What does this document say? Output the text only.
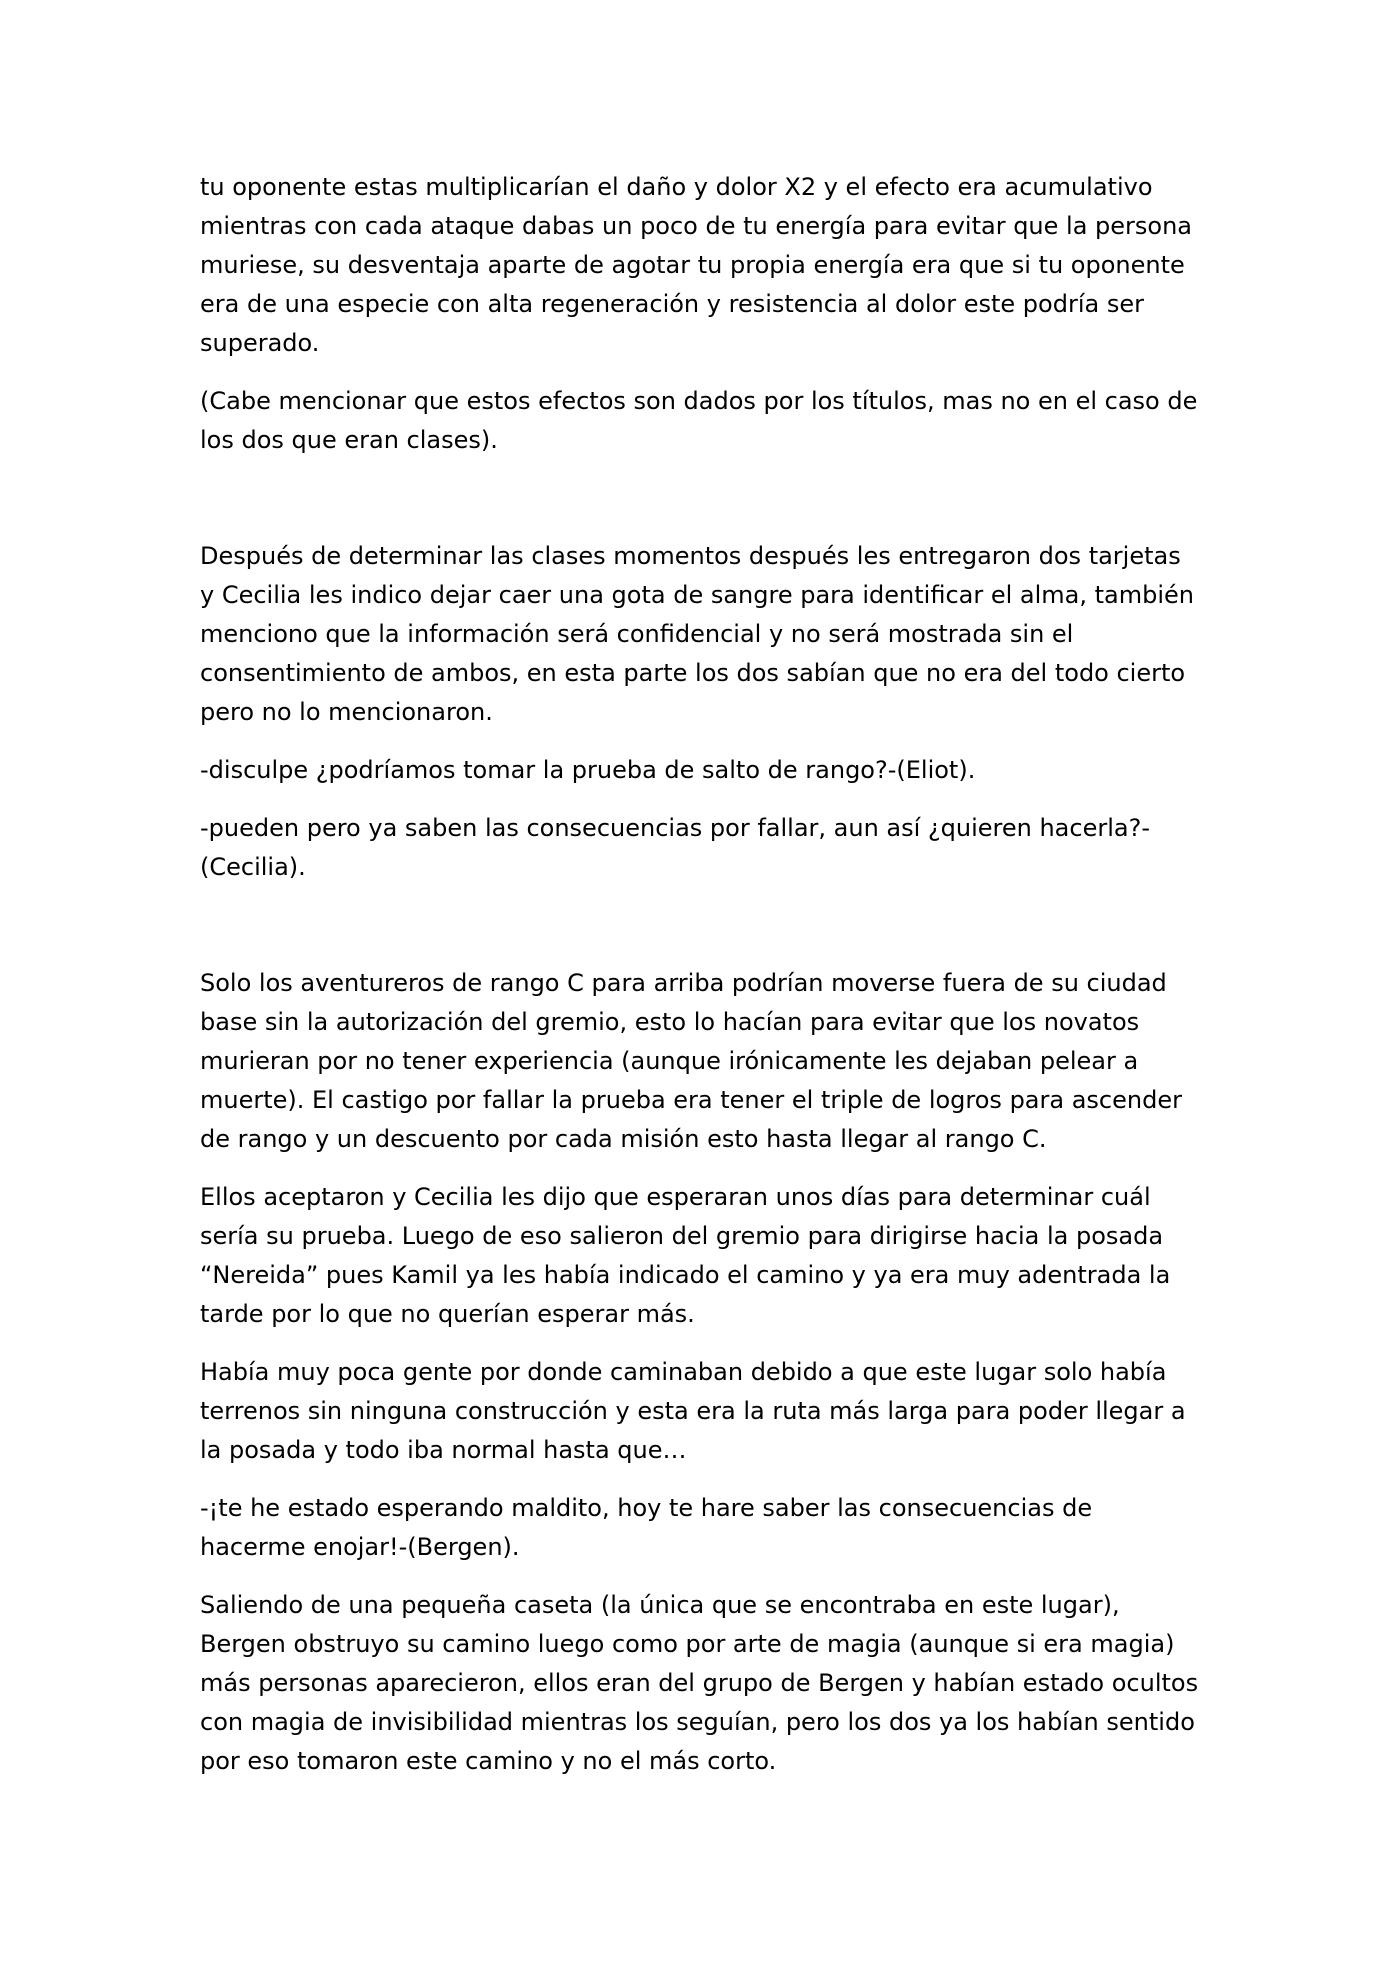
tu oponente estas multiplicarían el daño y dolor X2 y el efecto era acumulativo mientras con cada ataque dabas un poco de tu energía para evitar que la persona muriese, su desventaja aparte de agotar tu propia energía era que si tu oponente era de una especie con alta regeneración y resistencia al dolor este podría ser superado.

(Cabe mencionar que estos efectos son dados por los títulos, mas no en el caso de los dos que eran clases).

Después de determinar las clases momentos después les entregaron dos tarjetas y Cecilia les indico dejar caer una gota de sangre para identificar el alma, también menciono que la información será confidencial y no será mostrada sin el consentimiento de ambos, en esta parte los dos sabían que no era del todo cierto pero no lo mencionaron.

-disculpe ¿podríamos tomar la prueba de salto de rango?-(Eliot).

-pueden pero ya saben las consecuencias por fallar, aun así ¿quieren hacerla?-(Cecilia).

Solo los aventureros de rango C para arriba podrían moverse fuera de su ciudad base sin la autorización del gremio, esto lo hacían para evitar que los novatos murieran por no tener experiencia (aunque irónicamente les dejaban pelear a muerte). El castigo por fallar la prueba era tener el triple de logros para ascender de rango y un descuento por cada misión esto hasta llegar al rango C.

Ellos aceptaron y Cecilia les dijo que esperaran unos días para determinar cuál sería su prueba. Luego de eso salieron del gremio para dirigirse hacia la posada “Nereida” pues Kamil ya les había indicado el camino y ya era muy adentrada la tarde por lo que no querían esperar más.

Había muy poca gente por donde caminaban debido a que este lugar solo había terrenos sin ninguna construcción y esta era la ruta más larga para poder llegar a la posada y todo iba normal hasta que…

-¡te he estado esperando maldito, hoy te hare saber las consecuencias de hacerme enojar!-(Bergen).

Saliendo de una pequeña caseta (la única que se encontraba en este lugar), Bergen obstruyo su camino luego como por arte de magia (aunque si era magia) más personas aparecieron, ellos eran del grupo de Bergen y habían estado ocultos con magia de invisibilidad mientras los seguían, pero los dos ya los habían sentido por eso tomaron este camino y no el más corto.
